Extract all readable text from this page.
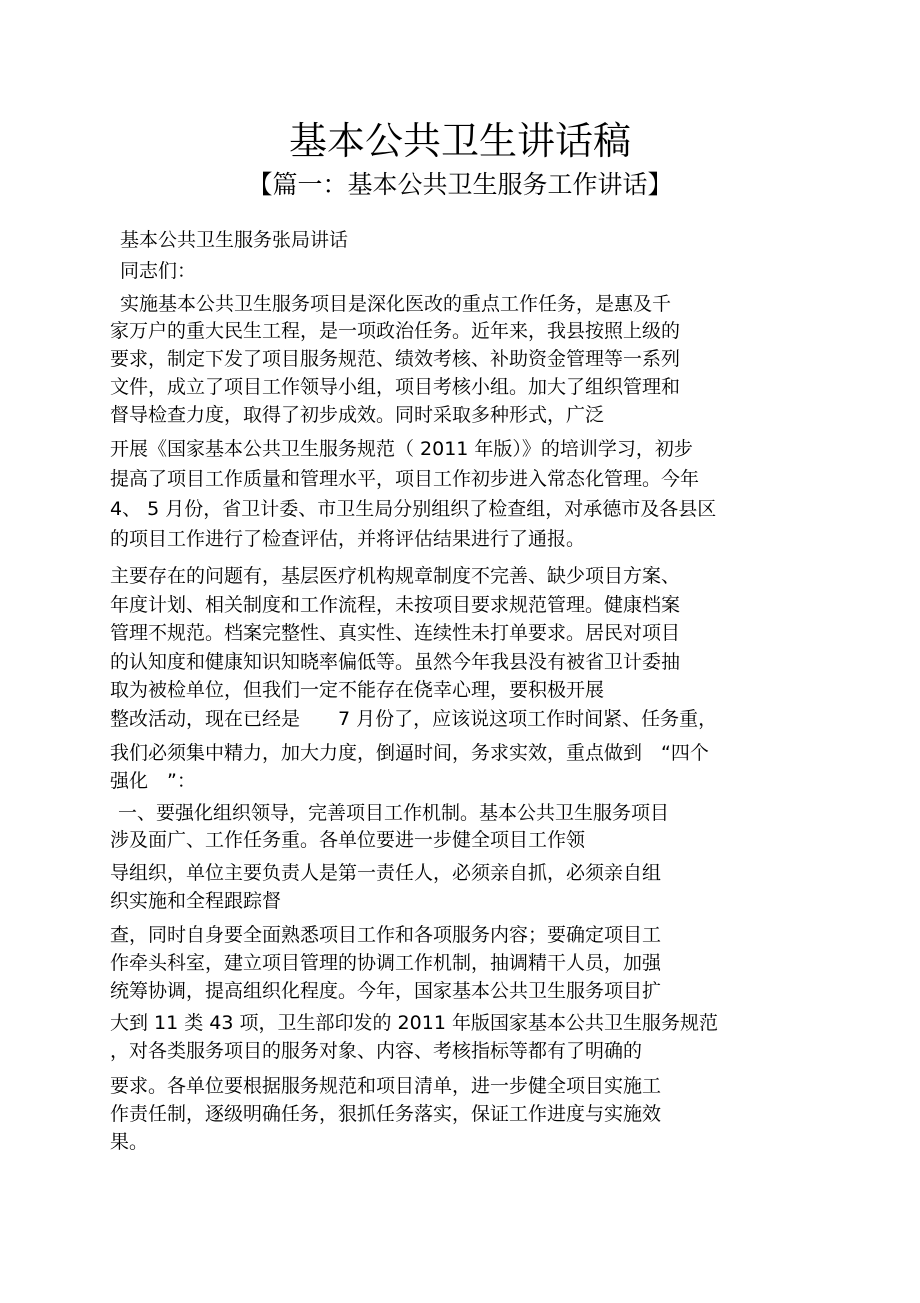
基本公共卫生讲话稿
【篇一：基本公共卫生服务工作讲话】
基本公共卫生服务张局讲话
同志们：
实施基本公共卫生服务项目是深化医改的重点工作任务，是惠及千
家万户的重大民生工程，是一项政治任务。近年来，我县按照上级的
要求，制定下发了项目服务规范、绩效考核、补助资金管理等一系列
文件，成立了项目工作领导小组，项目考核小组。加大了组织管理和
督导检查力度，取得了初步成效。同时采取多种形式，广泛
开展《国家基本公共卫生服务规范（ 2011 年版）》的培训学习，初步
提高了项目工作质量和管理水平，项目工作初步进入常态化管理。今年
4、 5 月份，省卫计委、市卫生局分别组织了检查组，对承德市及各县区
的项目工作进行了检查评估，并将评估结果进行了通报。
主要存在的问题有，基层医疗机构规章制度不完善、缺少项目方案、
年度计划、相关制度和工作流程，未按项目要求规范管理。健康档案
管理不规范。档案完整性、真实性、连续性未打单要求。居民对项目
的认知度和健康知识知晓率偏低等。虽然今年我县没有被省卫计委抽
取为被检单位，但我们一定不能存在侥幸心理，要积极开展
整改活动，现在已经是　　7 月份了，应该说这项工作时间紧、任务重，
我们必须集中精力，加大力度，倒逼时间，务求实效，重点做到　“四个
强化　”：
一、要强化组织领导，完善项目工作机制。基本公共卫生服务项目
涉及面广、工作任务重。各单位要进一步健全项目工作领
导组织，单位主要负责人是第一责任人，必须亲自抓，必须亲自组
织实施和全程跟踪督
查，同时自身要全面熟悉项目工作和各项服务内容；要确定项目工
作牵头科室，建立项目管理的协调工作机制，抽调精干人员，加强
统筹协调，提高组织化程度。今年，国家基本公共卫生服务项目扩
大到 11 类 43 项，卫生部印发的 2011 年版国家基本公共卫生服务规范
，对各类服务项目的服务对象、内容、考核指标等都有了明确的
要求。各单位要根据服务规范和项目清单，进一步健全项目实施工
作责任制，逐级明确任务，狠抓任务落实，保证工作进度与实施效
果。
